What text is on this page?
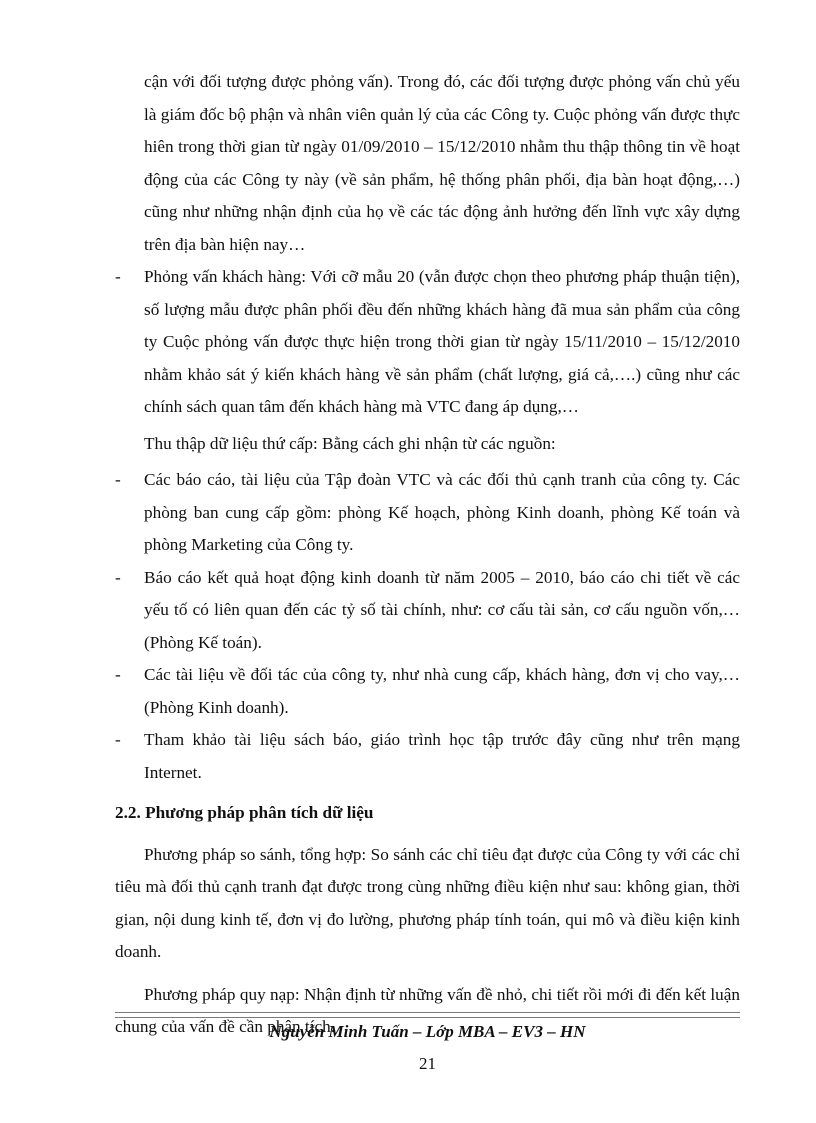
cận với đối tượng được phỏng vấn). Trong đó, các đối tượng được phỏng vấn chủ yếu là giám đốc bộ phận và nhân viên quản lý của các Công ty. Cuộc phỏng vấn được thực hiên trong thời gian từ ngày 01/09/2010 – 15/12/2010 nhằm thu thập thông tin về hoạt động của các Công ty này (về sản phẩm, hệ thống phân phối, địa bàn hoạt động,…) cũng như những nhận định của họ về các tác động ảnh hưởng đến lĩnh vực xây dựng trên địa bàn hiện nay…

-	Phỏng vấn khách hàng: Với cỡ mẫu 20 (vẫn được chọn theo phương pháp thuận tiện), số lượng mẫu được phân phối đều đến những khách hàng đã mua sản phẩm của công ty Cuộc phỏng vấn được thực hiện trong thời gian từ ngày 15/11/2010 – 15/12/2010 nhằm khảo sát ý kiến khách hàng về sản phẩm (chất lượng, giá cả,….) cũng như các chính sách quan tâm đến khách hàng mà VTC đang áp dụng,…

Thu thập dữ liệu thứ cấp: Bằng cách ghi nhận từ các nguồn:

-	Các báo cáo, tài liệu của Tập đoàn VTC và các đối thủ cạnh tranh của công ty. Các phòng ban cung cấp gồm: phòng Kế hoạch, phòng Kinh doanh, phòng Kế toán và phòng Marketing của Công ty.
-	Báo cáo kết quả hoạt động kinh doanh từ năm 2005 – 2010, báo cáo chi tiết về các yếu tố có liên quan đến các tỷ số tài chính, như: cơ cấu tài sản, cơ cấu nguồn vốn,…(Phòng Kế toán).
-	Các tài liệu về đối tác của công ty, như nhà cung cấp, khách hàng, đơn vị cho vay,…(Phòng Kinh doanh).
-	Tham khảo tài liệu sách báo, giáo trình học tập trước đây cũng như trên mạng Internet.

2.2. Phương pháp phân tích dữ liệu

Phương pháp so sánh, tổng hợp: So sánh các chỉ tiêu đạt được của Công ty với các chỉ tiêu mà đối thủ cạnh tranh đạt được trong cùng những điều kiện như sau: không gian, thời gian, nội dung kinh tế, đơn vị đo lường, phương pháp tính toán, qui mô và điều kiện kinh doanh.

Phương pháp quy nạp: Nhận định từ những vấn đề nhỏ, chi tiết rồi mới đi đến kết luận chung của vấn đề cần phân tích.

Nguyễn Minh Tuấn – Lớp MBA – EV3 – HN
21
